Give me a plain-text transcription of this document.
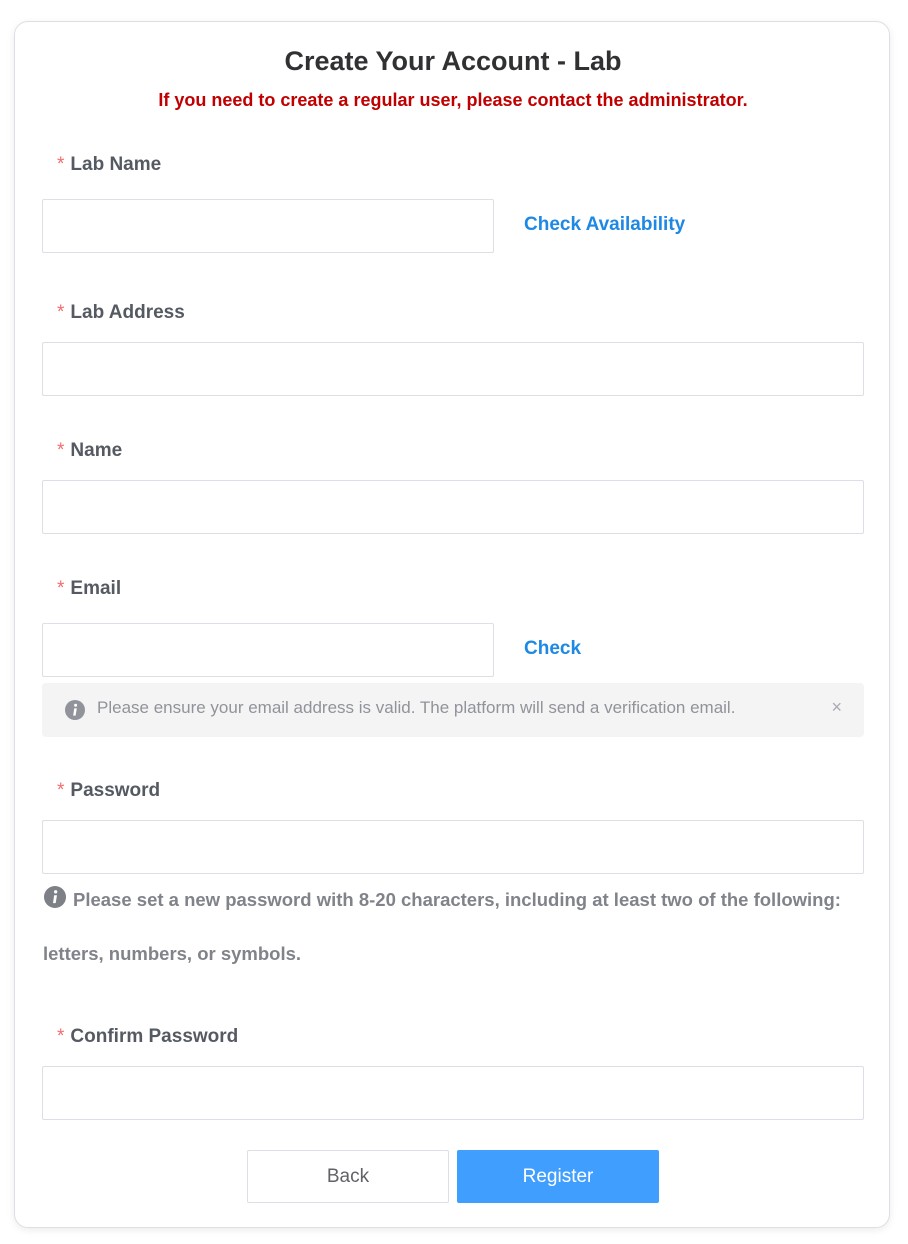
Create Your Account - Lab
If you need to create a regular user, please contact the administrator.
* Lab Name
Check Availability
* Lab Address
* Name
* Email
Check
Please ensure your email address is valid. The platform will send a verification email.	×
* Password
Please set a new password with 8-20 characters, including at least two of the following:
letters, numbers, or symbols.
* Confirm Password
Back	Register
